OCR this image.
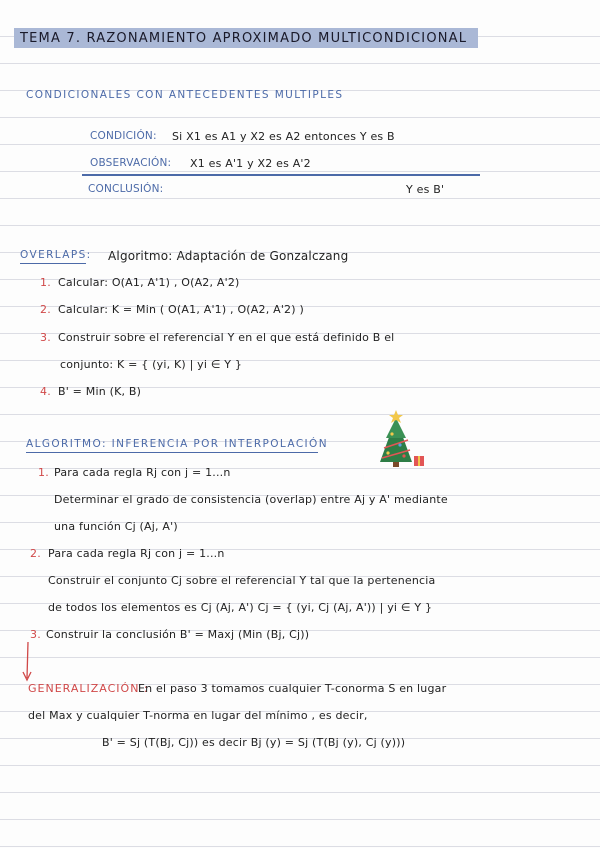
TEMA 7. RAZONAMIENTO APROXIMADO MULTICONDICIONAL
CONDICIONALES CON ANTECEDENTES MULTIPLES
CONDICIÓN: Si X1 es A1 y X2 es A2 entonces Y es B
OBSERVACIÓN: X1 es A'1 y X2 es A'2
CONCLUSIÓN:	Y es B'
OVERLAPS: Algoritmo: Adaptación de Gonzalczang
1. Calcular: O(A1, A'1) , O(A2, A'2)
2. Calcular: K = Min ( O(A1, A'1) , O(A2, A'2) )
3. Construir sobre el referencial Y en el que está definido B el
conjunto: K = { (yi, K) | yi ∈ Y }
4. B' = Min (K, B)
ALGORITMO: INFERENCIA POR INTERPOLACIÓN
1. Para cada regla Rj con j = 1...n
Determinar el grado de consistencia (overlap) entre Aj y A' mediante
una función Cj (Aj, A')
2. Para cada regla Rj con j = 1...n
Construir el conjunto Cj sobre el referencial Y tal que la pertenencia
de todos los elementos es Cj (Aj, A') Cj = { (yi, Cj (Aj, A')) | yi ∈ Y }
3. Construir la conclusión B' = Maxj (Min (Bj, Cj))
GENERALIZACIÓN :
En el paso 3 tomamos cualquier T-conorma S en lugar
del Max y cualquier T-norma en lugar del mínimo , es decir,
B' = Sj (T(Bj, Cj)) es decir Bj (y) = Sj (T(Bj (y), Cj (y)))
